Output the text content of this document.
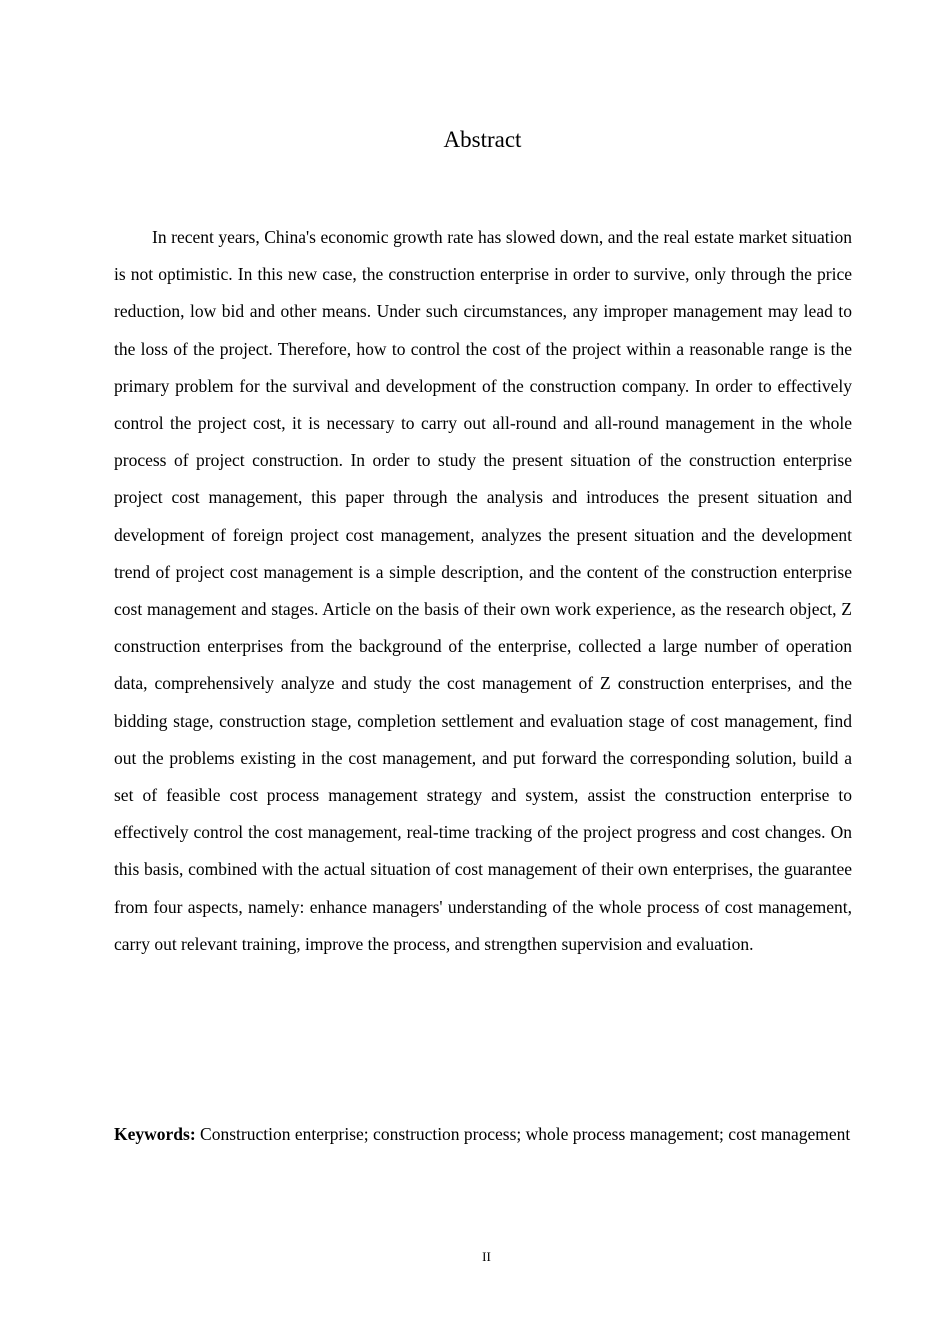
Abstract

In recent years, China's economic growth rate has slowed down, and the real estate market situation is not optimistic. In this new case, the construction enterprise in order to survive, only through the price reduction, low bid and other means. Under such circumstances, any improper management may lead to the loss of the project. Therefore, how to control the cost of the project within a reasonable range is the primary problem for the survival and development of the construction company. In order to effectively control the project cost, it is necessary to carry out all-round and all-round management in the whole process of project construction. In order to study the present situation of the construction enterprise project cost management, this paper through the analysis and introduces the present situation and development of foreign project cost management, analyzes the present situation and the development trend of project cost management is a simple description, and the content of the construction enterprise cost management and stages. Article on the basis of their own work experience, as the research object, Z construction enterprises from the background of the enterprise, collected a large number of operation data, comprehensively analyze and study the cost management of Z construction enterprises, and the bidding stage, construction stage, completion settlement and evaluation stage of cost management, find out the problems existing in the cost management, and put forward the corresponding solution, build a set of feasible cost process management strategy and system, assist the construction enterprise to effectively control the cost management, real-time tracking of the project progress and cost changes. On this basis, combined with the actual situation of cost management of their own enterprises, the guarantee from four aspects, namely: enhance managers' understanding of the whole process of cost management, carry out relevant training, improve the process, and strengthen supervision and evaluation.

Keywords: Construction enterprise; construction process; whole process management; cost management

II
